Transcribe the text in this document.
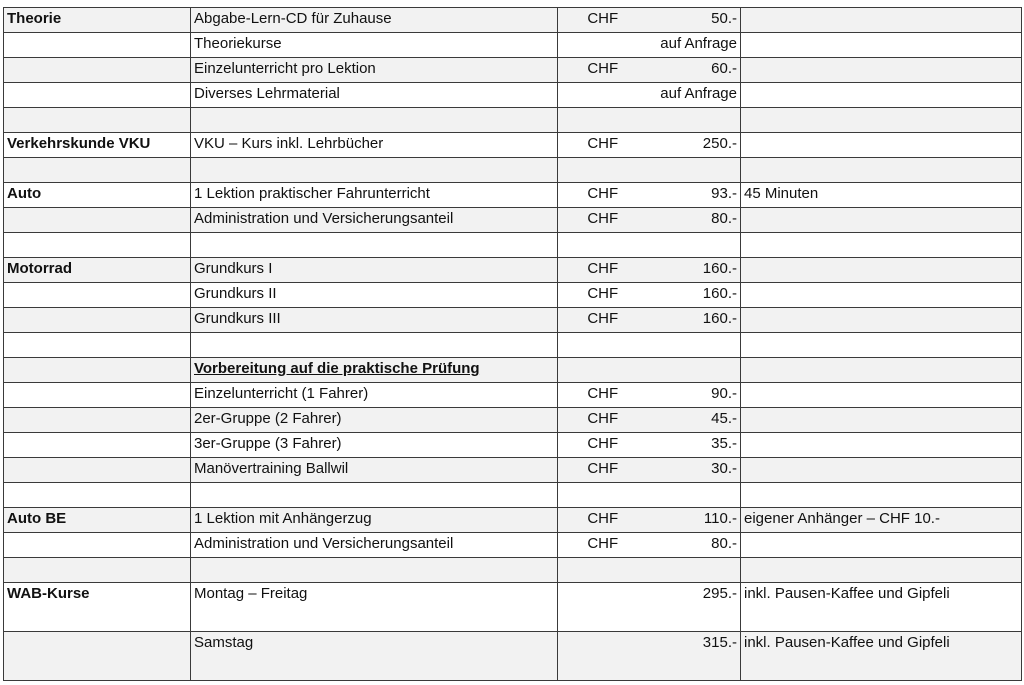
Theorie	Abgabe-Lern-CD für Zuhause	CHF	50.-	
	Theoriekurse		auf Anfrage	
	Einzelunterricht pro Lektion	CHF	60.-	
	Diverses Lehrmaterial		auf Anfrage	

Verkehrskunde VKU	VKU – Kurs inkl. Lehrbücher	CHF	250.-	

Auto	1 Lektion praktischer Fahrunterricht	CHF	93.-	45 Minuten
	Administration und Versicherungsanteil	CHF	80.-	

Motorrad	Grundkurs I	CHF	160.-	
	Grundkurs II	CHF	160.-	
	Grundkurs III	CHF	160.-	

	Vorbereitung auf die praktische Prüfung			
	Einzelunterricht (1 Fahrer)	CHF	90.-	
	2er-Gruppe (2 Fahrer)	CHF	45.-	
	3er-Gruppe (3 Fahrer)	CHF	35.-	
	Manövertraining Ballwil	CHF	30.-	

Auto BE	1 Lektion mit Anhängerzug	CHF	110.-	eigener Anhänger – CHF 10.-
	Administration und Versicherungsanteil	CHF	80.-	

WAB-Kurse	Montag – Freitag		295.-	inkl. Pausen-Kaffee und Gipfeli
	Samstag		315.-	inkl. Pausen-Kaffee und Gipfeli
